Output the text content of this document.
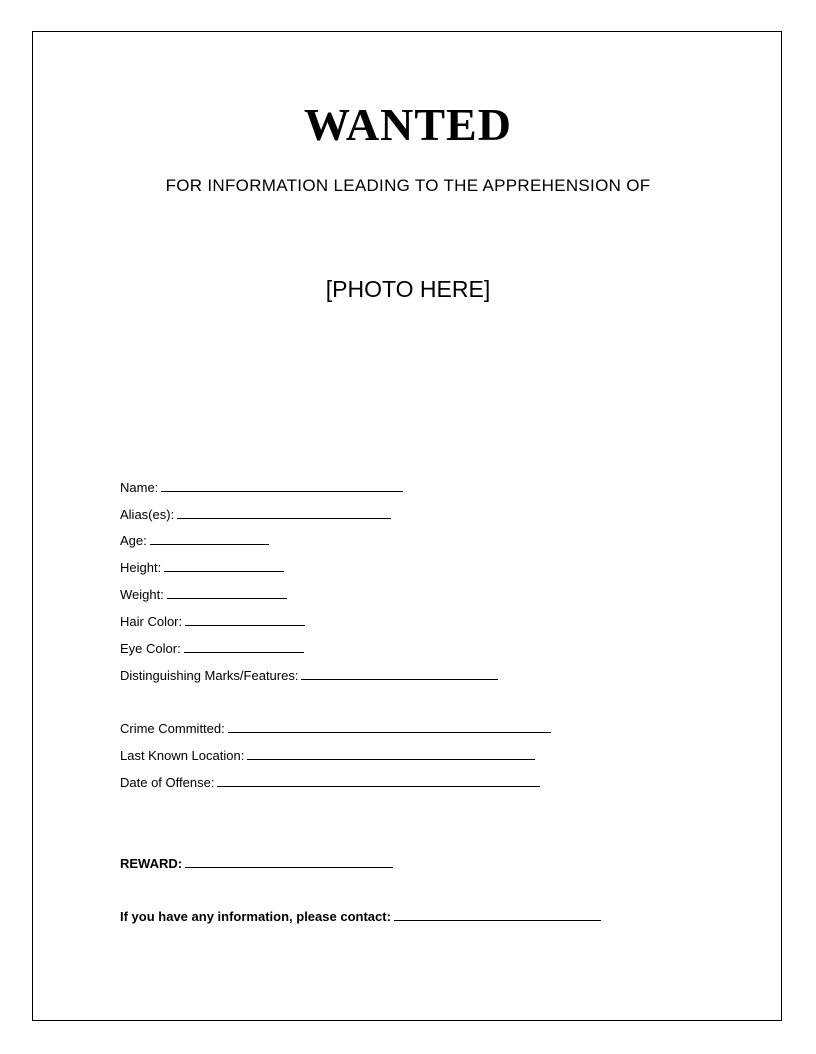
WANTED
FOR INFORMATION LEADING TO THE APPREHENSION OF
[PHOTO HERE]
Name:
Alias(es):
Age:
Height:
Weight:
Hair Color:
Eye Color:
Distinguishing Marks/Features:
Crime Committed:
Last Known Location:
Date of Offense:
REWARD:
If you have any information, please contact:
